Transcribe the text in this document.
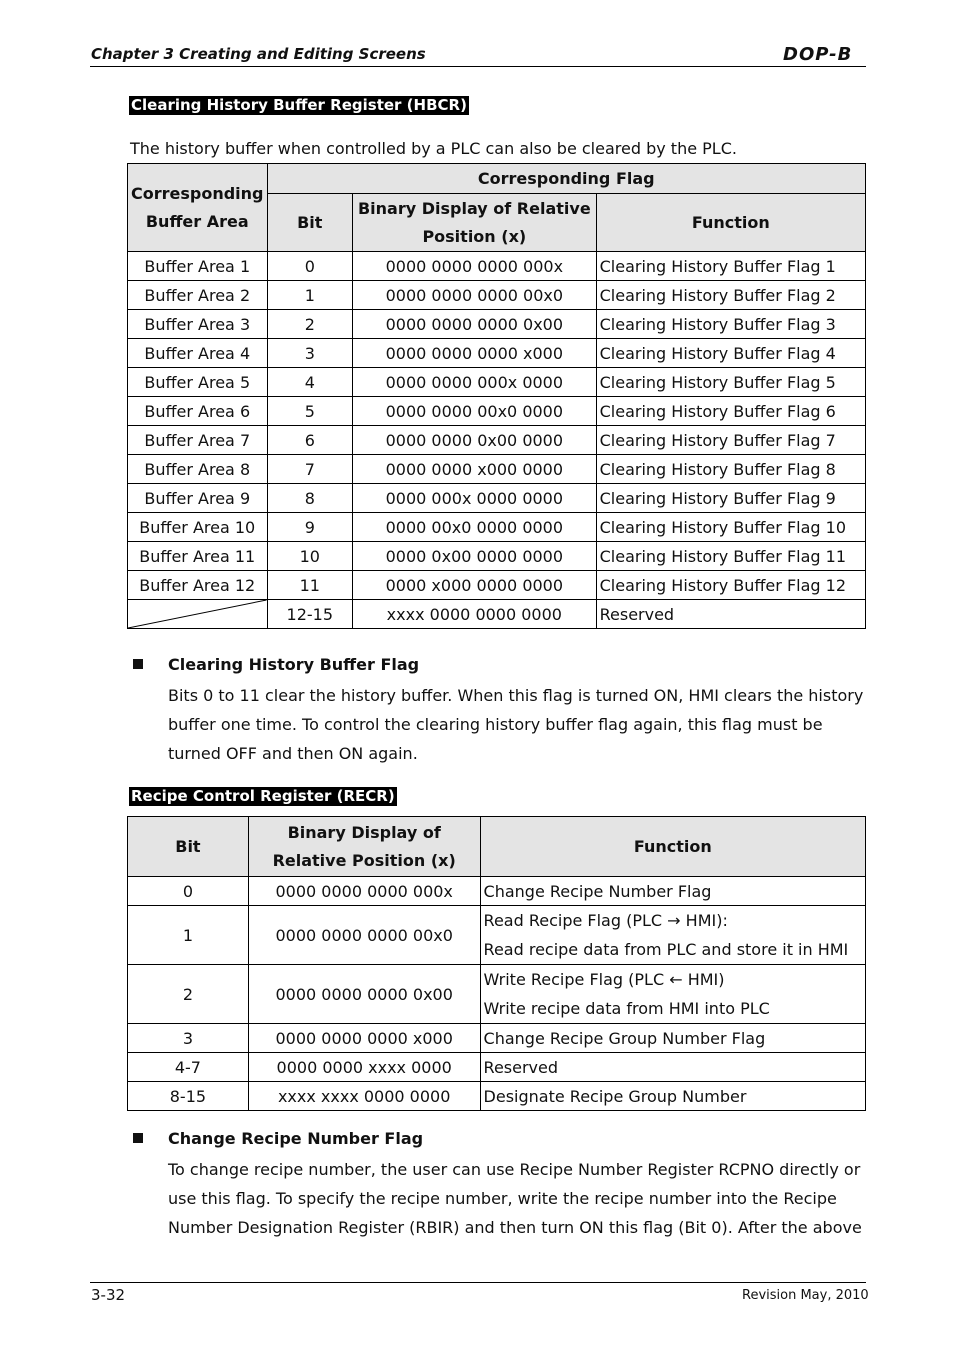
Chapter 3 Creating and Editing Screens	DOP-B
Clearing History Buffer Register (HBCR)
The history buffer when controlled by a PLC can also be cleared by the PLC.
Corresponding Buffer Area	Corresponding Flag		
	Bit	Binary Display of Relative Position (x)	Function
Buffer Area 1	0	0000 0000 0000 000x	Clearing History Buffer Flag 1
Buffer Area 2	1	0000 0000 0000 00x0	Clearing History Buffer Flag 2
Buffer Area 3	2	0000 0000 0000 0x00	Clearing History Buffer Flag 3
Buffer Area 4	3	0000 0000 0000 x000	Clearing History Buffer Flag 4
Buffer Area 5	4	0000 0000 000x 0000	Clearing History Buffer Flag 5
Buffer Area 6	5	0000 0000 00x0 0000	Clearing History Buffer Flag 6
Buffer Area 7	6	0000 0000 0x00 0000	Clearing History Buffer Flag 7
Buffer Area 8	7	0000 0000 x000 0000	Clearing History Buffer Flag 8
Buffer Area 9	8	0000 000x 0000 0000	Clearing History Buffer Flag 9
Buffer Area 10	9	0000 00x0 0000 0000	Clearing History Buffer Flag 10
Buffer Area 11	10	0000 0x00 0000 0000	Clearing History Buffer Flag 11
Buffer Area 12	11	0000 x000 0000 0000	Clearing History Buffer Flag 12

	12-15	xxxx 0000 0000 0000	Reserved
Clearing History Buffer Flag
Bits 0 to 11 clear the history buffer. When this flag is turned ON, HMI clears the history buffer one time. To control the clearing history buffer flag again, this flag must be turned OFF and then ON again.
Recipe Control Register (RECR)
Bit	Binary Display of Relative Position (x)	Function
0	0000 0000 0000 000x	Change Recipe Number Flag
1	0000 0000 0000 00x0	Read Recipe Flag (PLC → HMI):
Read recipe data from PLC and store it in HMI

2	0000 0000 0000 0x00	Write Recipe Flag (PLC ← HMI)
Write recipe data from HMI into PLC

3	0000 0000 0000 x000	Change Recipe Group Number Flag
4-7	0000 0000 xxxx 0000	Reserved
8-15	xxxx xxxx 0000 0000	Designate Recipe Group Number
Change Recipe Number Flag
To change recipe number, the user can use Recipe Number Register RCPNO directly or use this flag. To specify the recipe number, write the recipe number into the Recipe Number Designation Register (RBIR) and then turn ON this flag (Bit 0). After the above
3-32	Revision May, 2010
